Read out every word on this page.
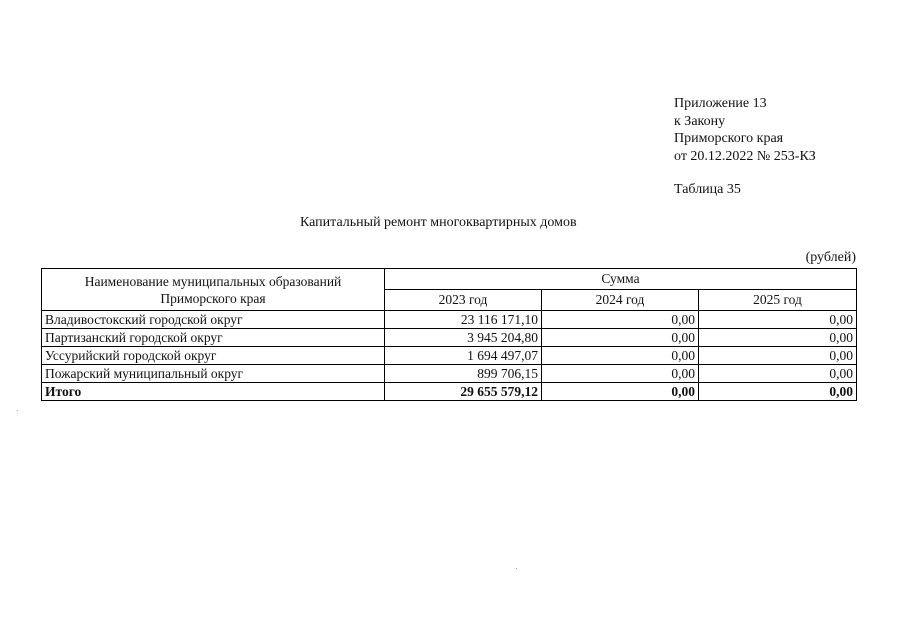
Приложение 13
к Закону
Приморского края
от 20.12.2022 № 253-КЗ
Таблица 35
Капитальный ремонт многоквартирных домов
(рублей)
Наименование муниципальных образований Приморского края	Сумма		
	2023 год	2024 год	2025 год
Владивостокский городской округ	23 116 171,10	0,00	0,00
Партизанский городской округ	3 945 204,80	0,00	0,00
Уссурийский городской округ	1 694 497,07	0,00	0,00
Пожарский муниципальный округ	899 706,15	0,00	0,00
Итого	29 655 579,12	0,00	0,00
